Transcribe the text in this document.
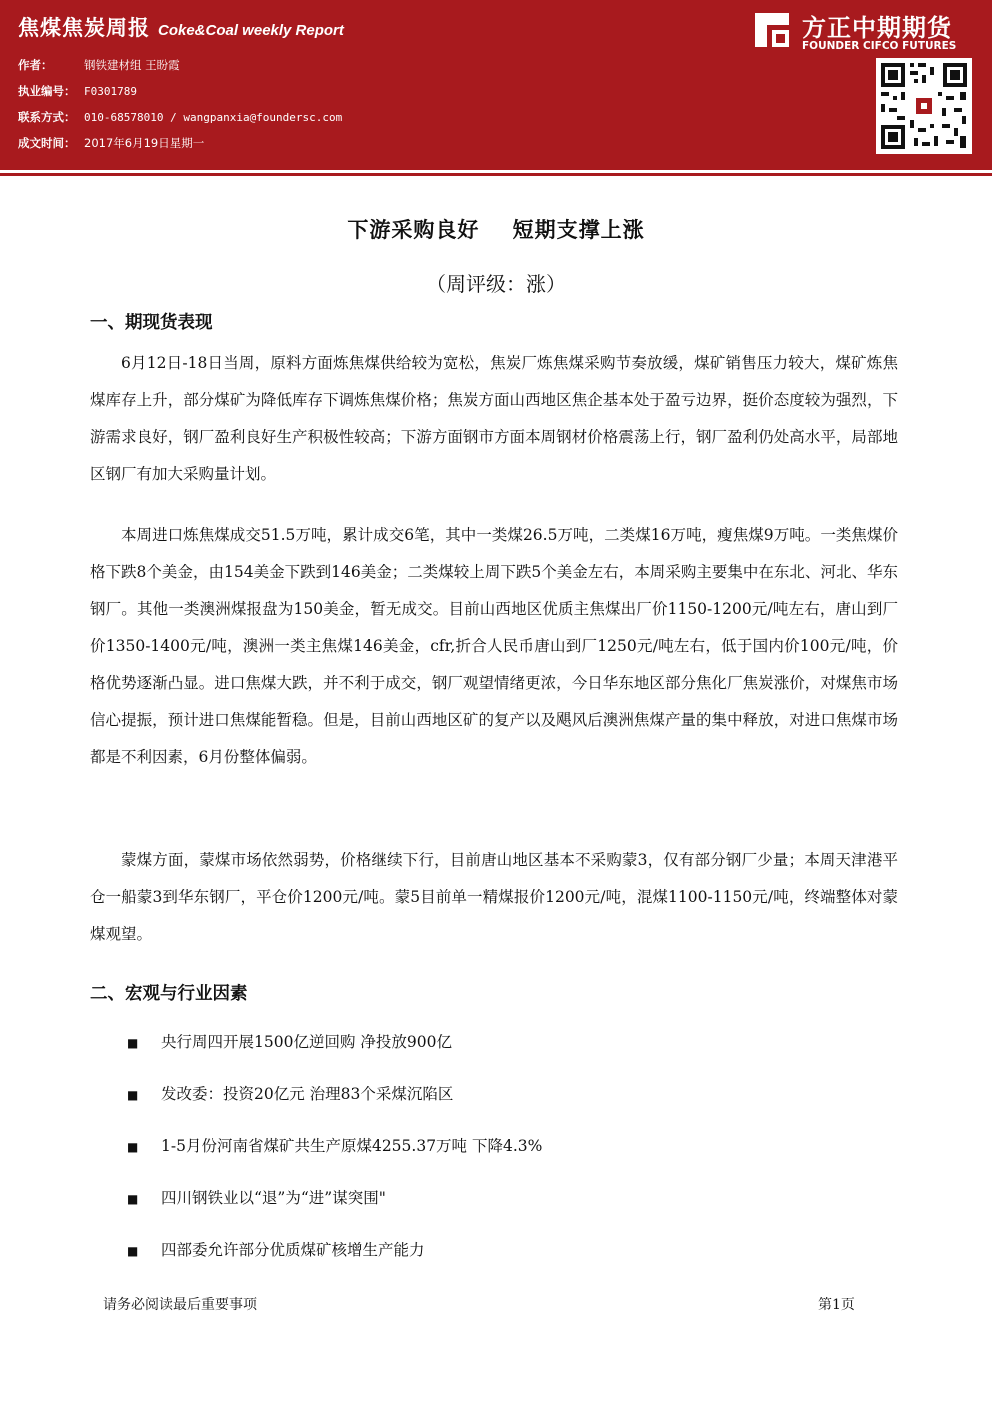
焦煤焦炭周报 Coke&Coal weekly Report
作者：	钢铁建材组 王盼霞
执业编号： F0301789
联系方式： 010-68578010 / wangpanxia@foundersc.com
成文时间： 2017年6月19日星期一
方正中期期货
FOUNDER CIFCO FUTURES
下游采购良好    短期支撑上涨
（周评级：涨）
一、期现货表现

6月12日-18日当周，原料方面炼焦煤供给较为宽松，焦炭厂炼焦煤采购节奏放缓，煤矿销售压力较大，煤矿炼焦煤库存上升，部分煤矿为降低库存下调炼焦煤价格；焦炭方面山西地区焦企基本处于盈亏边界，挺价态度较为强烈，下游需求良好，钢厂盈利良好生产积极性较高；下游方面钢市方面本周钢材价格震荡上行，钢厂盈利仍处高水平，局部地区钢厂有加大采购量计划。

本周进口炼焦煤成交51.5万吨，累计成交6笔，其中一类煤26.5万吨，二类煤16万吨，瘦焦煤9万吨。一类焦煤价格下跌8个美金，由154美金下跌到146美金；二类煤较上周下跌5个美金左右，本周采购主要集中在东北、河北、华东钢厂。其他一类澳洲煤报盘为150美金，暂无成交。目前山西地区优质主焦煤出厂价1150-1200元/吨左右，唐山到厂价1350-1400元/吨，澳洲一类主焦煤146美金，cfr,折合人民币唐山到厂1250元/吨左右，低于国内价100元/吨，价格优势逐渐凸显。进口焦煤大跌，并不利于成交，钢厂观望情绪更浓，今日华东地区部分焦化厂焦炭涨价，对煤焦市场信心提振，预计进口焦煤能暂稳。但是，目前山西地区矿的复产以及飓风后澳洲焦煤产量的集中释放，对进口焦煤市场都是不利因素，6月份整体偏弱。

蒙煤方面，蒙煤市场依然弱势，价格继续下行，目前唐山地区基本不采购蒙3，仅有部分钢厂少量；本周天津港平仓一船蒙3到华东钢厂，平仓价1200元/吨。蒙5目前单一精煤报价1200元/吨，混煤1100-1150元/吨，终端整体对蒙煤观望。

二、宏观与行业因素
■ 央行周四开展1500亿逆回购 净投放900亿
■ 发改委：投资20亿元 治理83个采煤沉陷区
■ 1-5月份河南省煤矿共生产原煤4255.37万吨 下降4.3%
■ 四川钢铁业以“退”为“进”谋突围"
■ 四部委允许部分优质煤矿核增生产能力
请务必阅读最后重要事项	第1页
